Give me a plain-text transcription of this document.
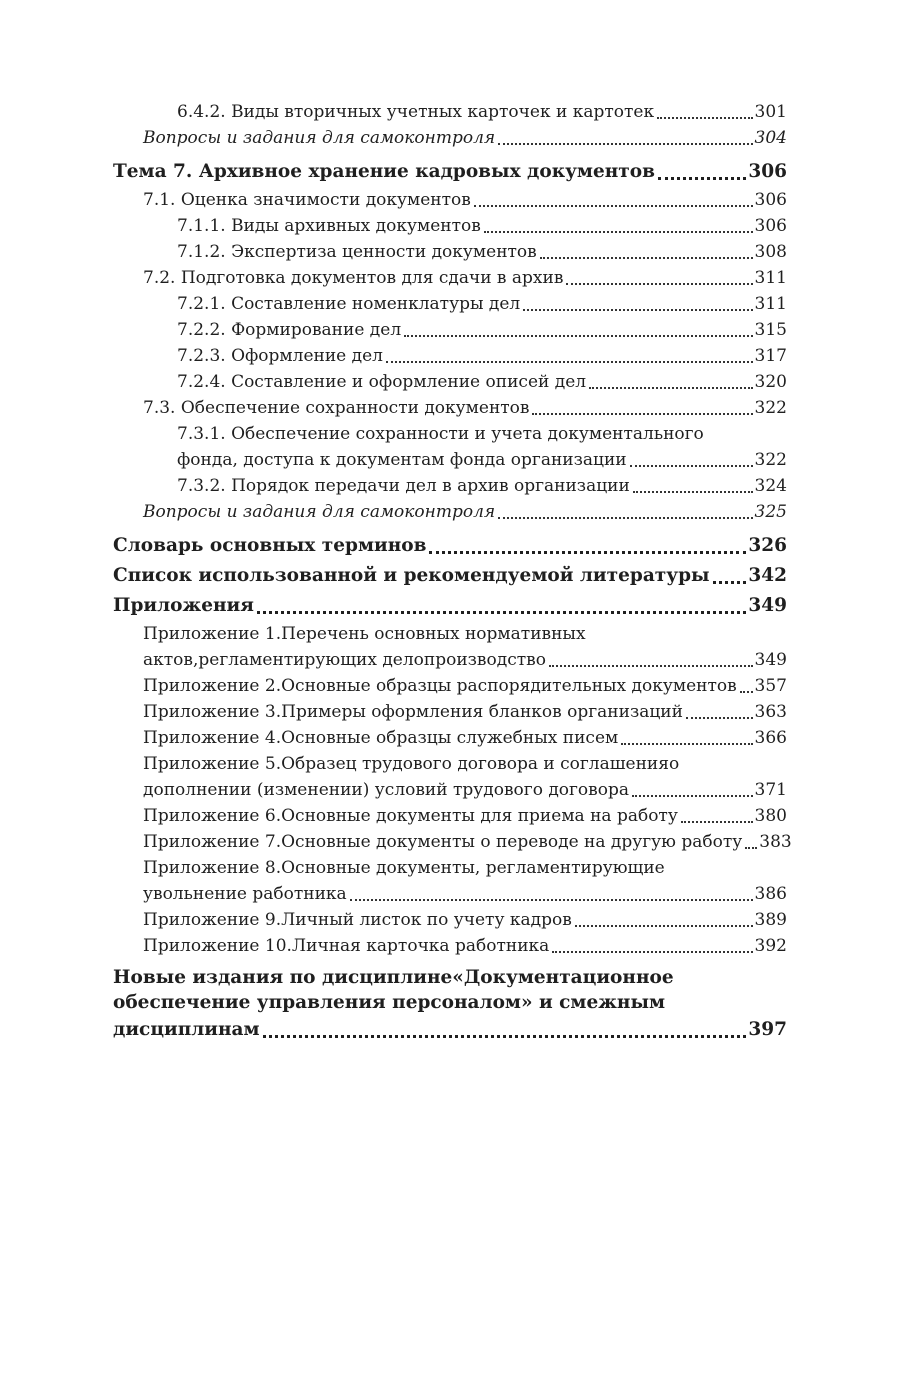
6.4.2. Виды вторичных учетных карточек и картотек	301
Вопросы и задания для самоконтроля	304
Тема 7. Архивное хранение кадровых документов	306
7.1. Оценка значимости документов	306
7.1.1. Виды архивных документов	306
7.1.2. Экспертиза ценности документов	308
7.2. Подготовка документов для сдачи в архив	311
7.2.1. Составление номенклатуры дел	311
7.2.2. Формирование дел	315
7.2.3. Оформление дел	317
7.2.4. Составление и оформление описей дел	320
7.3. Обеспечение сохранности документов	322
7.3.1. Обеспечение сохранности и учета документального
фонда, доступа к документам фонда организации	322
7.3.2. Порядок передачи дел в архив организации	324
Вопросы и задания для самоконтроля	325
Словарь основных терминов	326
Список использованной и рекомендуемой литературы 342
Приложения	349
Приложение 1.Перечень основных нормативных
актов,регламентирующих делопроизводство	349
Приложение 2.Основные образцы распорядительных документов 357
Приложение 3.Примеры оформления бланков организаций	363
Приложение 4.Основные образцы служебных писем	366
Приложение 5.Образец трудового договора и соглашенияо
дополнении (изменении) условий трудового договора	371
Приложение 6.Основные документы для приема на работу	380
Приложение 7.Основные документы о переводе на другую работу 383
Приложение 8.Основные документы, регламентирующие
увольнение работника	386
Приложение 9.Личный листок по учету кадров	389
Приложение 10.Личная карточка работника	392
Новые издания по дисциплине«Документационное
обеспечение управления персоналом» и смежным
дисциплинам	397
